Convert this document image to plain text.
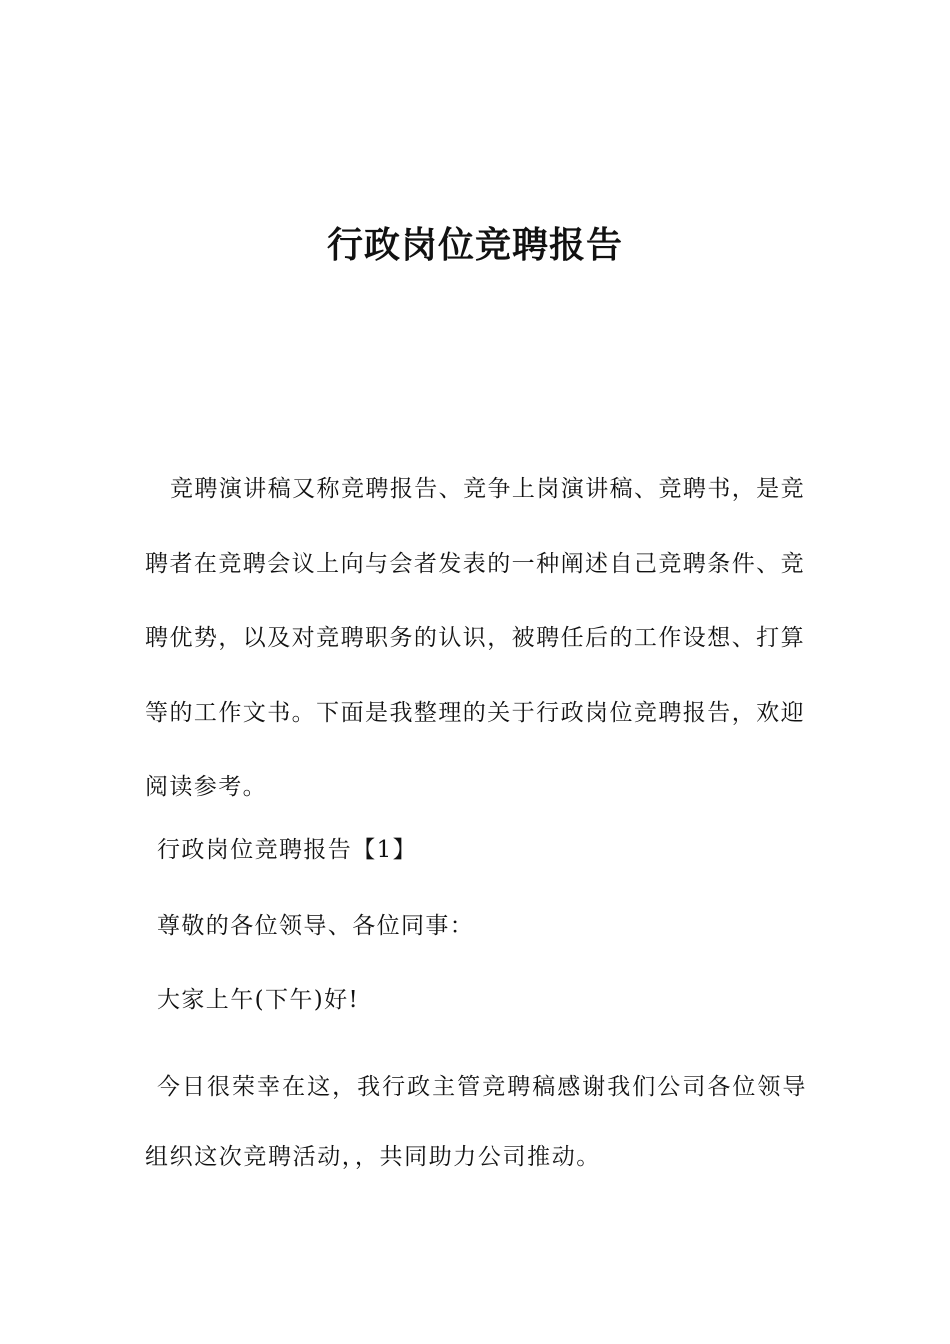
行政岗位竞聘报告

竞聘演讲稿又称竞聘报告、竞争上岗演讲稿、竞聘书，是竞聘者在竞聘会议上向与会者发表的一种阐述自己竞聘条件、竞聘优势，以及对竞聘职务的认识，被聘任后的工作设想、打算等的工作文书。下面是我整理的关于行政岗位竞聘报告，欢迎阅读参考。

行政岗位竞聘报告【1】

尊敬的各位领导、各位同事：

大家上午(下午)好!

今日很荣幸在这，我行政主管竞聘稿感谢我们公司各位领导组织这次竞聘活动，，共同助力公司推动。
